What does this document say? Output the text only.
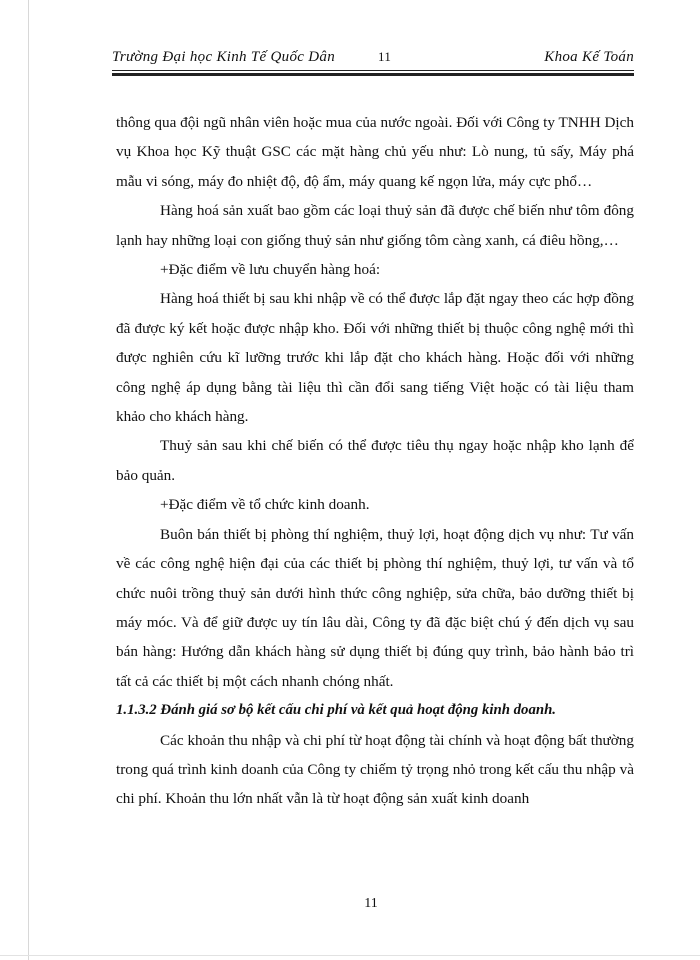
Trường Đại học Kinh Tế Quốc Dân	11	Khoa Kế Toán

thông qua đội ngũ nhân viên hoặc mua của nước ngoài. Đối với Công ty TNHH Dịch vụ Khoa học Kỹ thuật GSC các mặt hàng chủ yếu như: Lò nung, tủ sấy, Máy phá mẫu vi sóng, máy đo nhiệt độ, độ ẩm, máy quang kế ngọn lửa, máy cực phổ…

Hàng hoá sản xuất bao gồm các loại thuỷ sản đã được chế biến như tôm đông lạnh hay những loại con giống thuỷ sản như giống tôm càng xanh, cá điêu hồng,…

+Đặc điểm về lưu chuyển hàng hoá:

Hàng hoá thiết bị sau khi nhập về có thể được lắp đặt ngay theo các hợp đồng đã được ký kết hoặc được nhập kho. Đối với những thiết bị thuộc công nghệ mới thì được nghiên cứu kĩ lưỡng trước khi lắp đặt cho khách hàng. Hoặc đối với những công nghệ áp dụng bằng tài liệu thì cần đổi sang tiếng Việt hoặc có tài liệu tham khảo cho khách hàng.

Thuỷ sản sau khi chế biến có thể được tiêu thụ ngay hoặc nhập kho lạnh để bảo quản.

+Đặc điểm về tổ chức kinh doanh.

Buôn bán thiết bị phòng thí nghiệm, thuỷ lợi, hoạt động dịch vụ như: Tư vấn về các công nghệ hiện đại của các thiết bị phòng thí nghiệm, thuỷ lợi, tư vấn và tổ chức nuôi trồng thuỷ sản dưới hình thức công nghiệp, sửa chữa, bảo dưỡng thiết bị máy móc. Và để giữ được uy tín lâu dài, Công ty đã đặc biệt chú ý đến dịch vụ sau bán hàng: Hướng dẫn khách hàng sử dụng thiết bị đúng quy trình, bảo hành bảo trì tất cả các thiết bị một cách nhanh chóng nhất.

1.1.3.2 Đánh giá sơ bộ kết cấu chi phí và kết quả hoạt động kinh doanh.

Các khoản thu nhập và chi phí từ hoạt động tài chính và hoạt động bất thường trong quá trình kinh doanh của Công ty chiếm tỷ trọng nhỏ trong kết cấu thu nhập và chi phí. Khoản thu lớn nhất vẫn là từ hoạt động sản xuất kinh doanh

11
